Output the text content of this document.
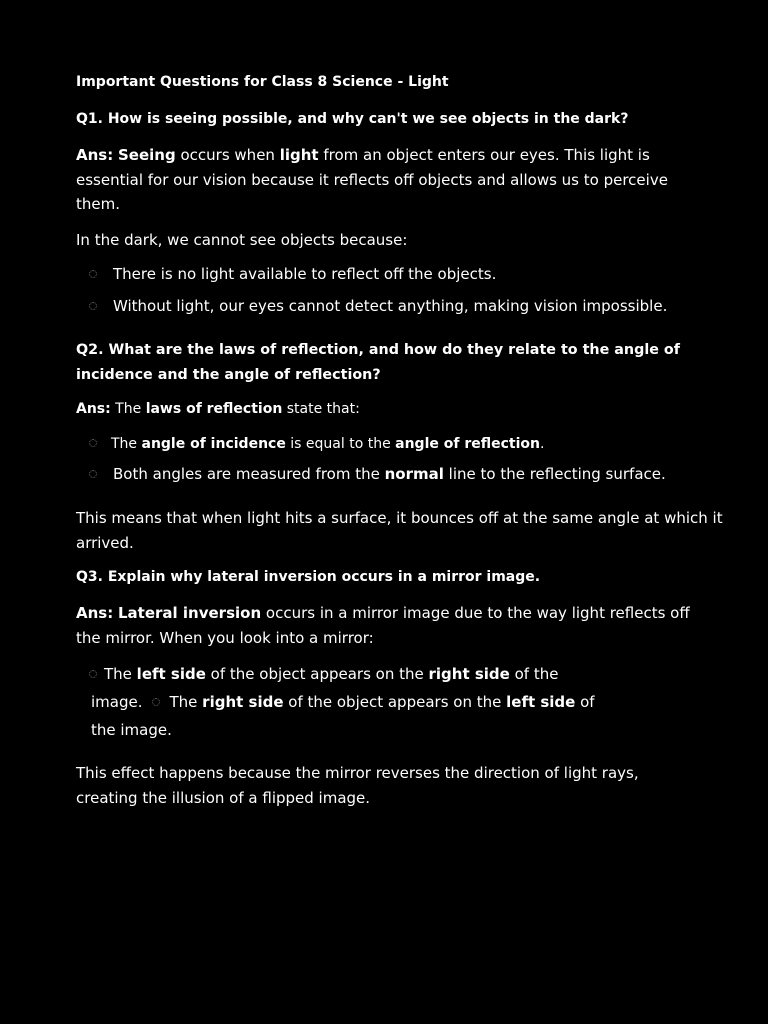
Important Questions for Class 8 Science - Light
Q1. How is seeing possible, and why can't we see objects in the dark?
Ans: Seeing occurs when light from an object enters our eyes. This light is
essential for our vision because it reflects off objects and allows us to perceive
them.
In the dark, we cannot see objects because:
There is no light available to reflect off the objects.
Without light, our eyes cannot detect anything, making vision impossible.
Q2. What are the laws of reflection, and how do they relate to the angle of
incidence and the angle of reflection?
Ans: The laws of reflection state that:
The angle of incidence is equal to the angle of reflection.
Both angles are measured from the normal line to the reflecting surface.
This means that when light hits a surface, it bounces off at the same angle at which it
arrived.
Q3. Explain why lateral inversion occurs in a mirror image.
Ans: Lateral inversion occurs in a mirror image due to the way light reflects off
the mirror. When you look into a mirror:
The left side of the object appears on the right side of the
image. The right side of the object appears on the left side of
the image.
This effect happens because the mirror reverses the direction of light rays,
creating the illusion of a flipped image.
